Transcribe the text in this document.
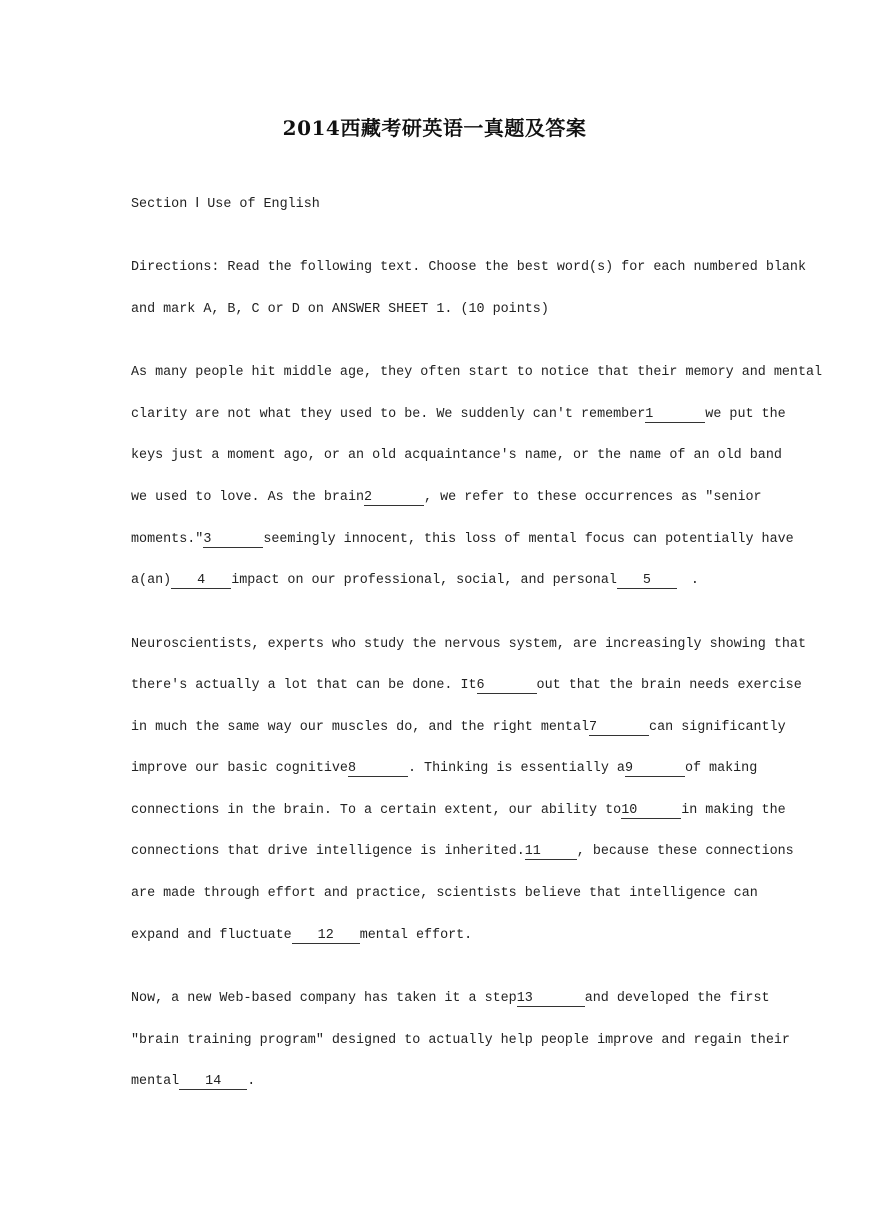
2014西藏考研英语一真题及答案
Section Ⅰ Use of English
Directions: Read the following text. Choose the best word(s) for each numbered blank
and mark A, B, C or D on ANSWER SHEET 1. (10 points)
As many people hit middle age, they often start to notice that their memory and mental
clarity are not what they used to be. We suddenly can't remember1	we put the
keys just a moment ago, or an old acquaintance's name, or the name of an old band
we used to love. As the brain2	, we refer to these occurrences as "senior
moments."3	seemingly innocent, this loss of mental focus can potentially have
a(an) 4 impact on our professional, social, and personal 5	.
Neuroscientists, experts who study the nervous system, are increasingly showing that
there's actually a lot that can be done. It6	out that the brain needs exercise
in much the same way our muscles do, and the right mental7	can significantly
improve our basic cognitive8	. Thinking is essentially a9	of making
connections in the brain. To a certain extent, our ability to10	in making the
connections that drive intelligence is inherited.11	, because these connections
are made through effort and practice, scientists believe that intelligence can
expand and fluctuate 12 mental effort.
Now, a new Web-based company has taken it a step13	and developed the first
"brain training program" designed to actually help people improve and regain their
mental 14 .
